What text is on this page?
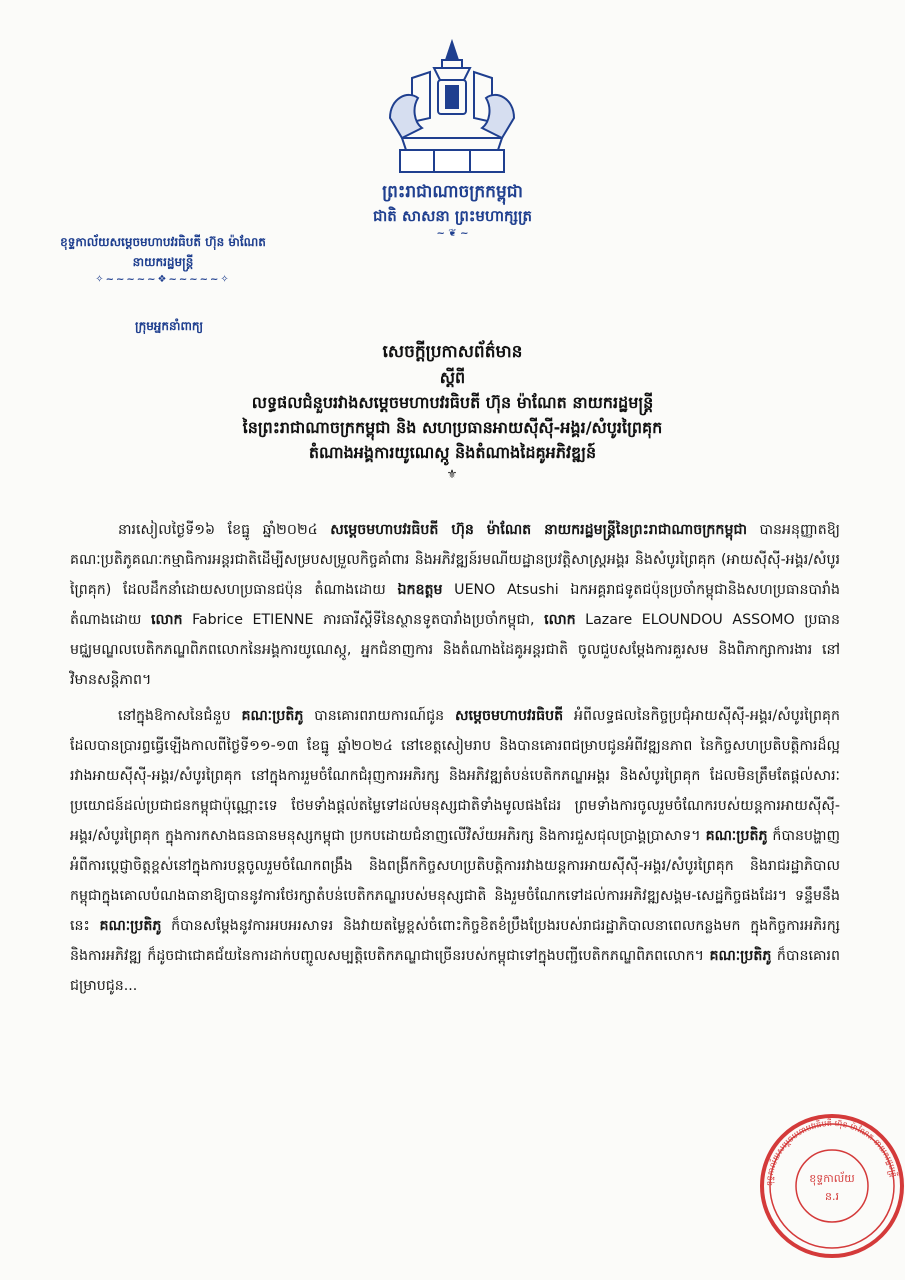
ព្រះរាជាណាចក្រកម្ពុជា
ជាតិ សាសនា ព្រះមហាក្សត្រ
~ ❦ ~
ខុទ្ទកាល័យសម្តេចមហាបវរធិបតី ហ៊ុន ម៉ាណែត
នាយករដ្ឋមន្ត្រី
✧~~~~~❖~~~~~✧
ក្រុមអ្នកនាំពាក្យ
សេចក្តីប្រកាសព័ត៌មាន
ស្តីពី
លទ្ធផលជំនួបរវាងសម្តេចមហាបវរធិបតី ហ៊ុន ម៉ាណែត នាយករដ្ឋមន្ត្រី
នៃព្រះរាជាណាចក្រកម្ពុជា និង សហប្រធានអាយស៊ីស៊ី-អង្គរ/សំបូរព្រៃគុក
តំណាងអង្គការយូណេស្កូ និងតំណាងដៃគូអភិវឌ្ឍន៍
⚜

នារសៀលថ្ងៃទី១៦ ខែធ្នូ ឆ្នាំ២០២៤ សម្តេចមហាបវរធិបតី ហ៊ុន ម៉ាណែត នាយករដ្ឋមន្ត្រីនៃព្រះរាជាណាចក្រកម្ពុជា បានអនុញ្ញាតឱ្យគណៈប្រតិភូគណៈកម្មាធិការអន្តរជាតិដើម្បីសម្របសម្រួលកិច្ចគាំពារ និងអភិវឌ្ឍន៍រមណីយដ្ឋានប្រវត្តិសាស្ត្រអង្គរ និងសំបូរព្រៃគុក (អាយស៊ីស៊ី-អង្គរ/សំបូរព្រៃគុក) ដែលដឹកនាំដោយសហប្រធានជប៉ុន តំណាងដោយ ឯកឧត្តម UENO Atsushi ឯកអគ្គរាជទូតជប៉ុនប្រចាំកម្ពុជានិងសហប្រធានបារាំង តំណាងដោយ លោក Fabrice ETIENNE ភារធារីស្តីទីនៃស្ថានទូតបារាំងប្រចាំកម្ពុជា, លោក Lazare ELOUNDOU ASSOMO ប្រធានមជ្ឈមណ្ឌលបេតិកភណ្ឌពិភពលោកនៃអង្គការយូណេស្កូ, អ្នកជំនាញការ និងតំណាងដៃគូអន្តរជាតិ ចូលជួបសម្តែងការគួរសម និងពិភាក្សាការងារ នៅវិមានសន្តិភាព។

នៅក្នុងឱកាសនៃជំនួប គណៈប្រតិភូ បានគោរពរាយការណ៍ជូន សម្តេចមហាបវរធិបតី អំពីលទ្ធផលនៃកិច្ចប្រជុំអាយស៊ីស៊ី-អង្គរ/សំបូរព្រៃគុក ដែលបានប្រារព្ធធ្វើឡើងកាលពីថ្ងៃទី១១-១៣ ខែធ្នូ ឆ្នាំ២០២៤ នៅខេត្តសៀមរាប និងបានគោរពជម្រាបជូនអំពីវឌ្ឍនភាព នៃកិច្ចសហប្រតិបត្តិការដ៏ល្អរវាងអាយស៊ីស៊ី-អង្គរ/សំបូរព្រៃគុក នៅក្នុងការរួមចំណែកជំរុញការអភិរក្ស និងអភិវឌ្ឍតំបន់បេតិកភណ្ឌអង្គរ និងសំបូរព្រៃគុក ដែលមិនត្រឹមតែផ្តល់សារៈប្រយោជន៍ដល់ប្រជាជនកម្ពុជាប៉ុណ្ណោះទេ ថែមទាំងផ្តល់តម្លៃទៅដល់មនុស្សជាតិទាំងមូលផងដែរ ព្រមទាំងការចូលរួមចំណែករបស់យន្តការអាយស៊ីស៊ី-អង្គរ/សំបូរព្រៃគុក ក្នុងការកសាងធនធានមនុស្សកម្ពុជា ប្រកបដោយជំនាញលើវិស័យអភិរក្ស និងការជួសជុលប្រាង្គប្រាសាទ។ គណៈប្រតិភូ ក៏បានបង្ហាញអំពីការប្តេជ្ញាចិត្តខ្ពស់នៅក្នុងការបន្តចូលរួមចំណែកពង្រឹង និងពង្រីកកិច្ចសហប្រតិបត្តិការរវាងយន្តការអាយស៊ីស៊ី-អង្គរ/សំបូរព្រៃគុក និងរាជរដ្ឋាភិបាលកម្ពុជាក្នុងគោលបំណងធានាឱ្យបាននូវការថែរក្សាតំបន់បេតិកភណ្ឌរបស់មនុស្សជាតិ និងរួមចំណែកទៅដល់ការអភិវឌ្ឍសង្គម-សេដ្ឋកិច្ចផងដែរ។ ទន្ទឹមនឹងនេះ គណៈប្រតិភូ ក៏បានសម្តែងនូវការអបអរសាទរ និងវាយតម្លៃខ្ពស់ចំពោះកិច្ចខិតខំប្រឹងប្រែងរបស់រាជរដ្ឋាភិបាលនាពេលកន្លងមក ក្នុងកិច្ចការអភិរក្ស និងការអភិវឌ្ឍ ក៏ដូចជាជោគជ័យនៃការដាក់បញ្ចូលសម្បត្តិបេតិកភណ្ឌជាច្រើនរបស់កម្ពុជាទៅក្នុងបញ្ជីបេតិកភណ្ឌពិភពលោក។ គណៈប្រតិភូ ក៏បានគោរពជម្រាបជូន...

ខុទ្ទកាល័យសម្តេចមហាបវរធិបតី ហ៊ុន ម៉ាណែត នាយករដ្ឋមន្ត្រី
ខុទ្ទកាល័យ
ន.រ
